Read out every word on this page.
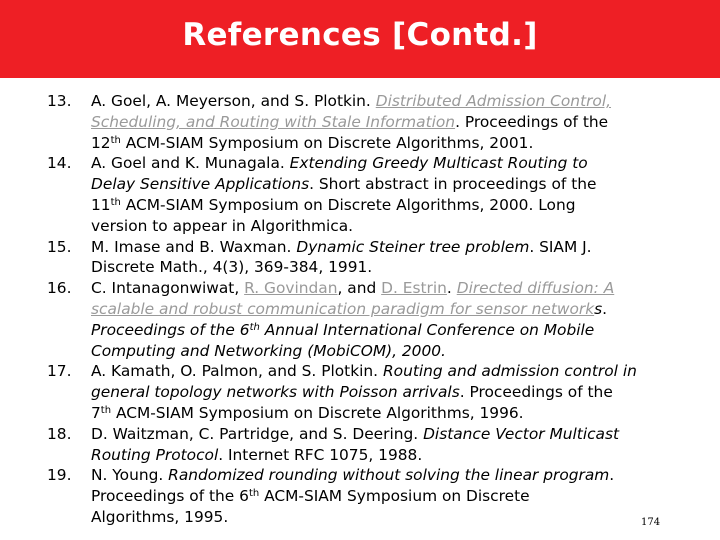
References [Contd.]
13. A. Goel, A. Meyerson, and S. Plotkin. Distributed Admission Control,
Scheduling, and Routing with Stale Information. Proceedings of the
12th ACM-SIAM Symposium on Discrete Algorithms, 2001.
14. A. Goel and K. Munagala. Extending Greedy Multicast Routing to
Delay Sensitive Applications. Short abstract in proceedings of the
11th ACM-SIAM Symposium on Discrete Algorithms, 2000. Long
version to appear in Algorithmica.
15. M. Imase and B. Waxman. Dynamic Steiner tree problem. SIAM J.
Discrete Math., 4(3), 369-384, 1991.
16. C. Intanagonwiwat, R. Govindan, and D. Estrin. Directed diffusion: A
scalable and robust communication paradigm for sensor networks.
Proceedings of the 6th Annual International Conference on Mobile
Computing and Networking (MobiCOM), 2000.
17. A. Kamath, O. Palmon, and S. Plotkin. Routing and admission control in
general topology networks with Poisson arrivals. Proceedings of the
7th ACM-SIAM Symposium on Discrete Algorithms, 1996.
18. D. Waitzman, C. Partridge, and S. Deering. Distance Vector Multicast
Routing Protocol. Internet RFC 1075, 1988.
19. N. Young. Randomized rounding without solving the linear program.
Proceedings of the 6th ACM-SIAM Symposium on Discrete
Algorithms, 1995.	174
